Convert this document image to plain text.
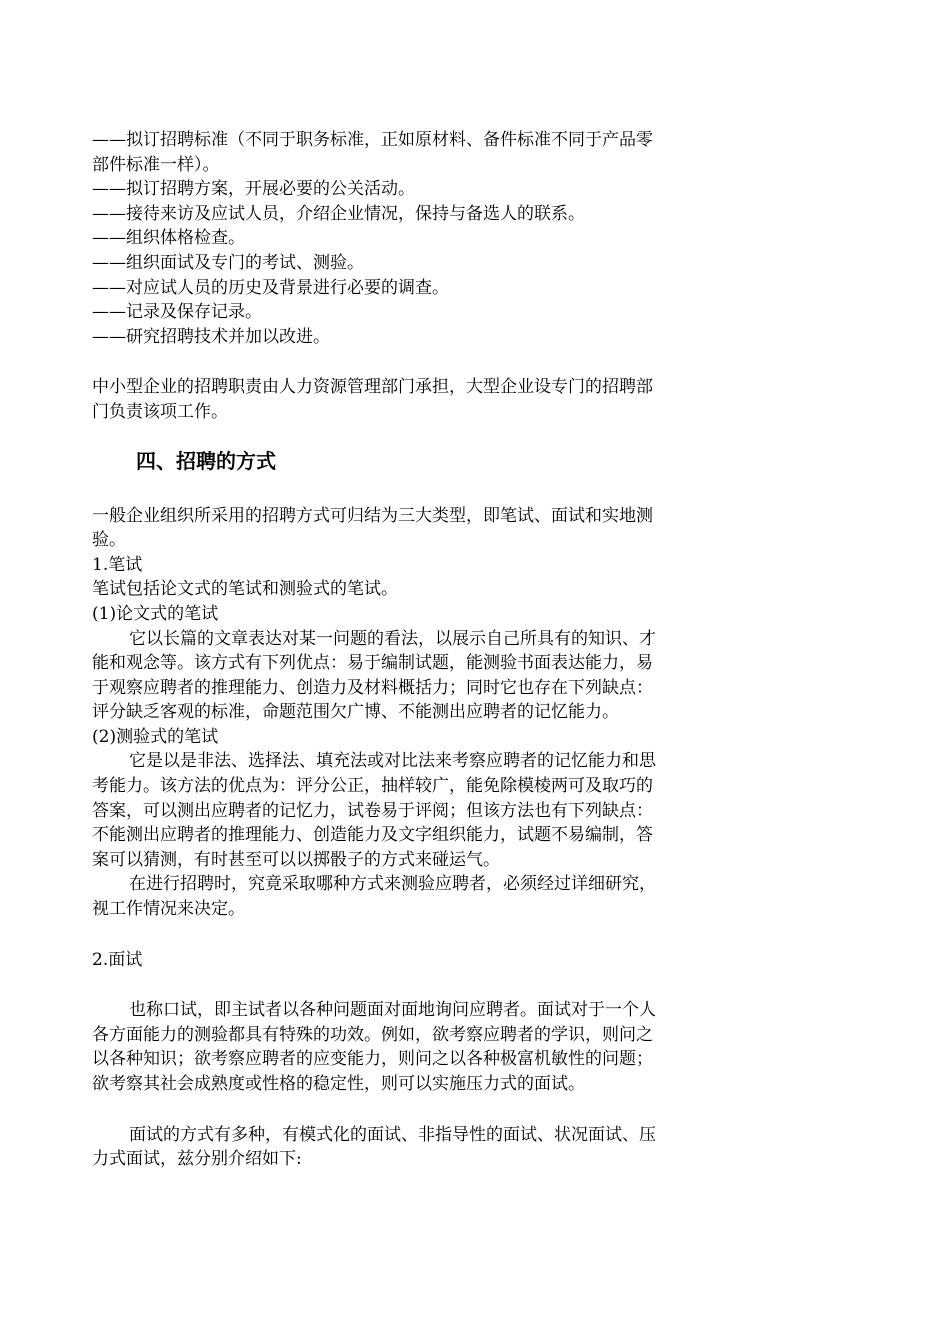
——拟订招聘标准（不同于职务标准，正如原材料、备件标准不同于产品零

部件标准一样）。

——拟订招聘方案，开展必要的公关活动。

——接待来访及应试人员，介绍企业情况，保持与备选人的联系。

——组织体格检查。

——组织面试及专门的考试、测验。

——对应试人员的历史及背景进行必要的调查。

——记录及保存记录。

——研究招聘技术并加以改进。

中小型企业的招聘职责由人力资源管理部门承担，大型企业设专门的招聘部

门负责该项工作。

四、招聘的方式

一般企业组织所采用的招聘方式可归结为三大类型，即笔试、面试和实地测

验。

1.笔试

笔试包括论文式的笔试和测验式的笔试。

(1)论文式的笔试

它以长篇的文章表达对某一问题的看法，以展示自己所具有的知识、才

能和观念等。该方式有下列优点：易于编制试题，能测验书面表达能力，易

于观察应聘者的推理能力、创造力及材料概括力；同时它也存在下列缺点：

评分缺乏客观的标准，命题范围欠广博、不能测出应聘者的记忆能力。

(2)测验式的笔试

它是以是非法、选择法、填充法或对比法来考察应聘者的记忆能力和思

考能力。该方法的优点为：评分公正，抽样较广，能免除模棱两可及取巧的

答案，可以测出应聘者的记忆力，试卷易于评阅；但该方法也有下列缺点：

不能测出应聘者的推理能力、创造能力及文字组织能力，试题不易编制，答

案可以猜测，有时甚至可以以掷骰子的方式来碰运气。

在进行招聘时，究竟采取哪种方式来测验应聘者，必须经过详细研究，

视工作情况来决定。

2.面试

也称口试，即主试者以各种问题面对面地询问应聘者。面试对于一个人

各方面能力的测验都具有特殊的功效。例如，欲考察应聘者的学识，则问之

以各种知识；欲考察应聘者的应变能力，则问之以各种极富机敏性的问题；

欲考察其社会成熟度或性格的稳定性，则可以实施压力式的面试。

面试的方式有多种，有模式化的面试、非指导性的面试、状况面试、压

力式面试，兹分别介绍如下:
